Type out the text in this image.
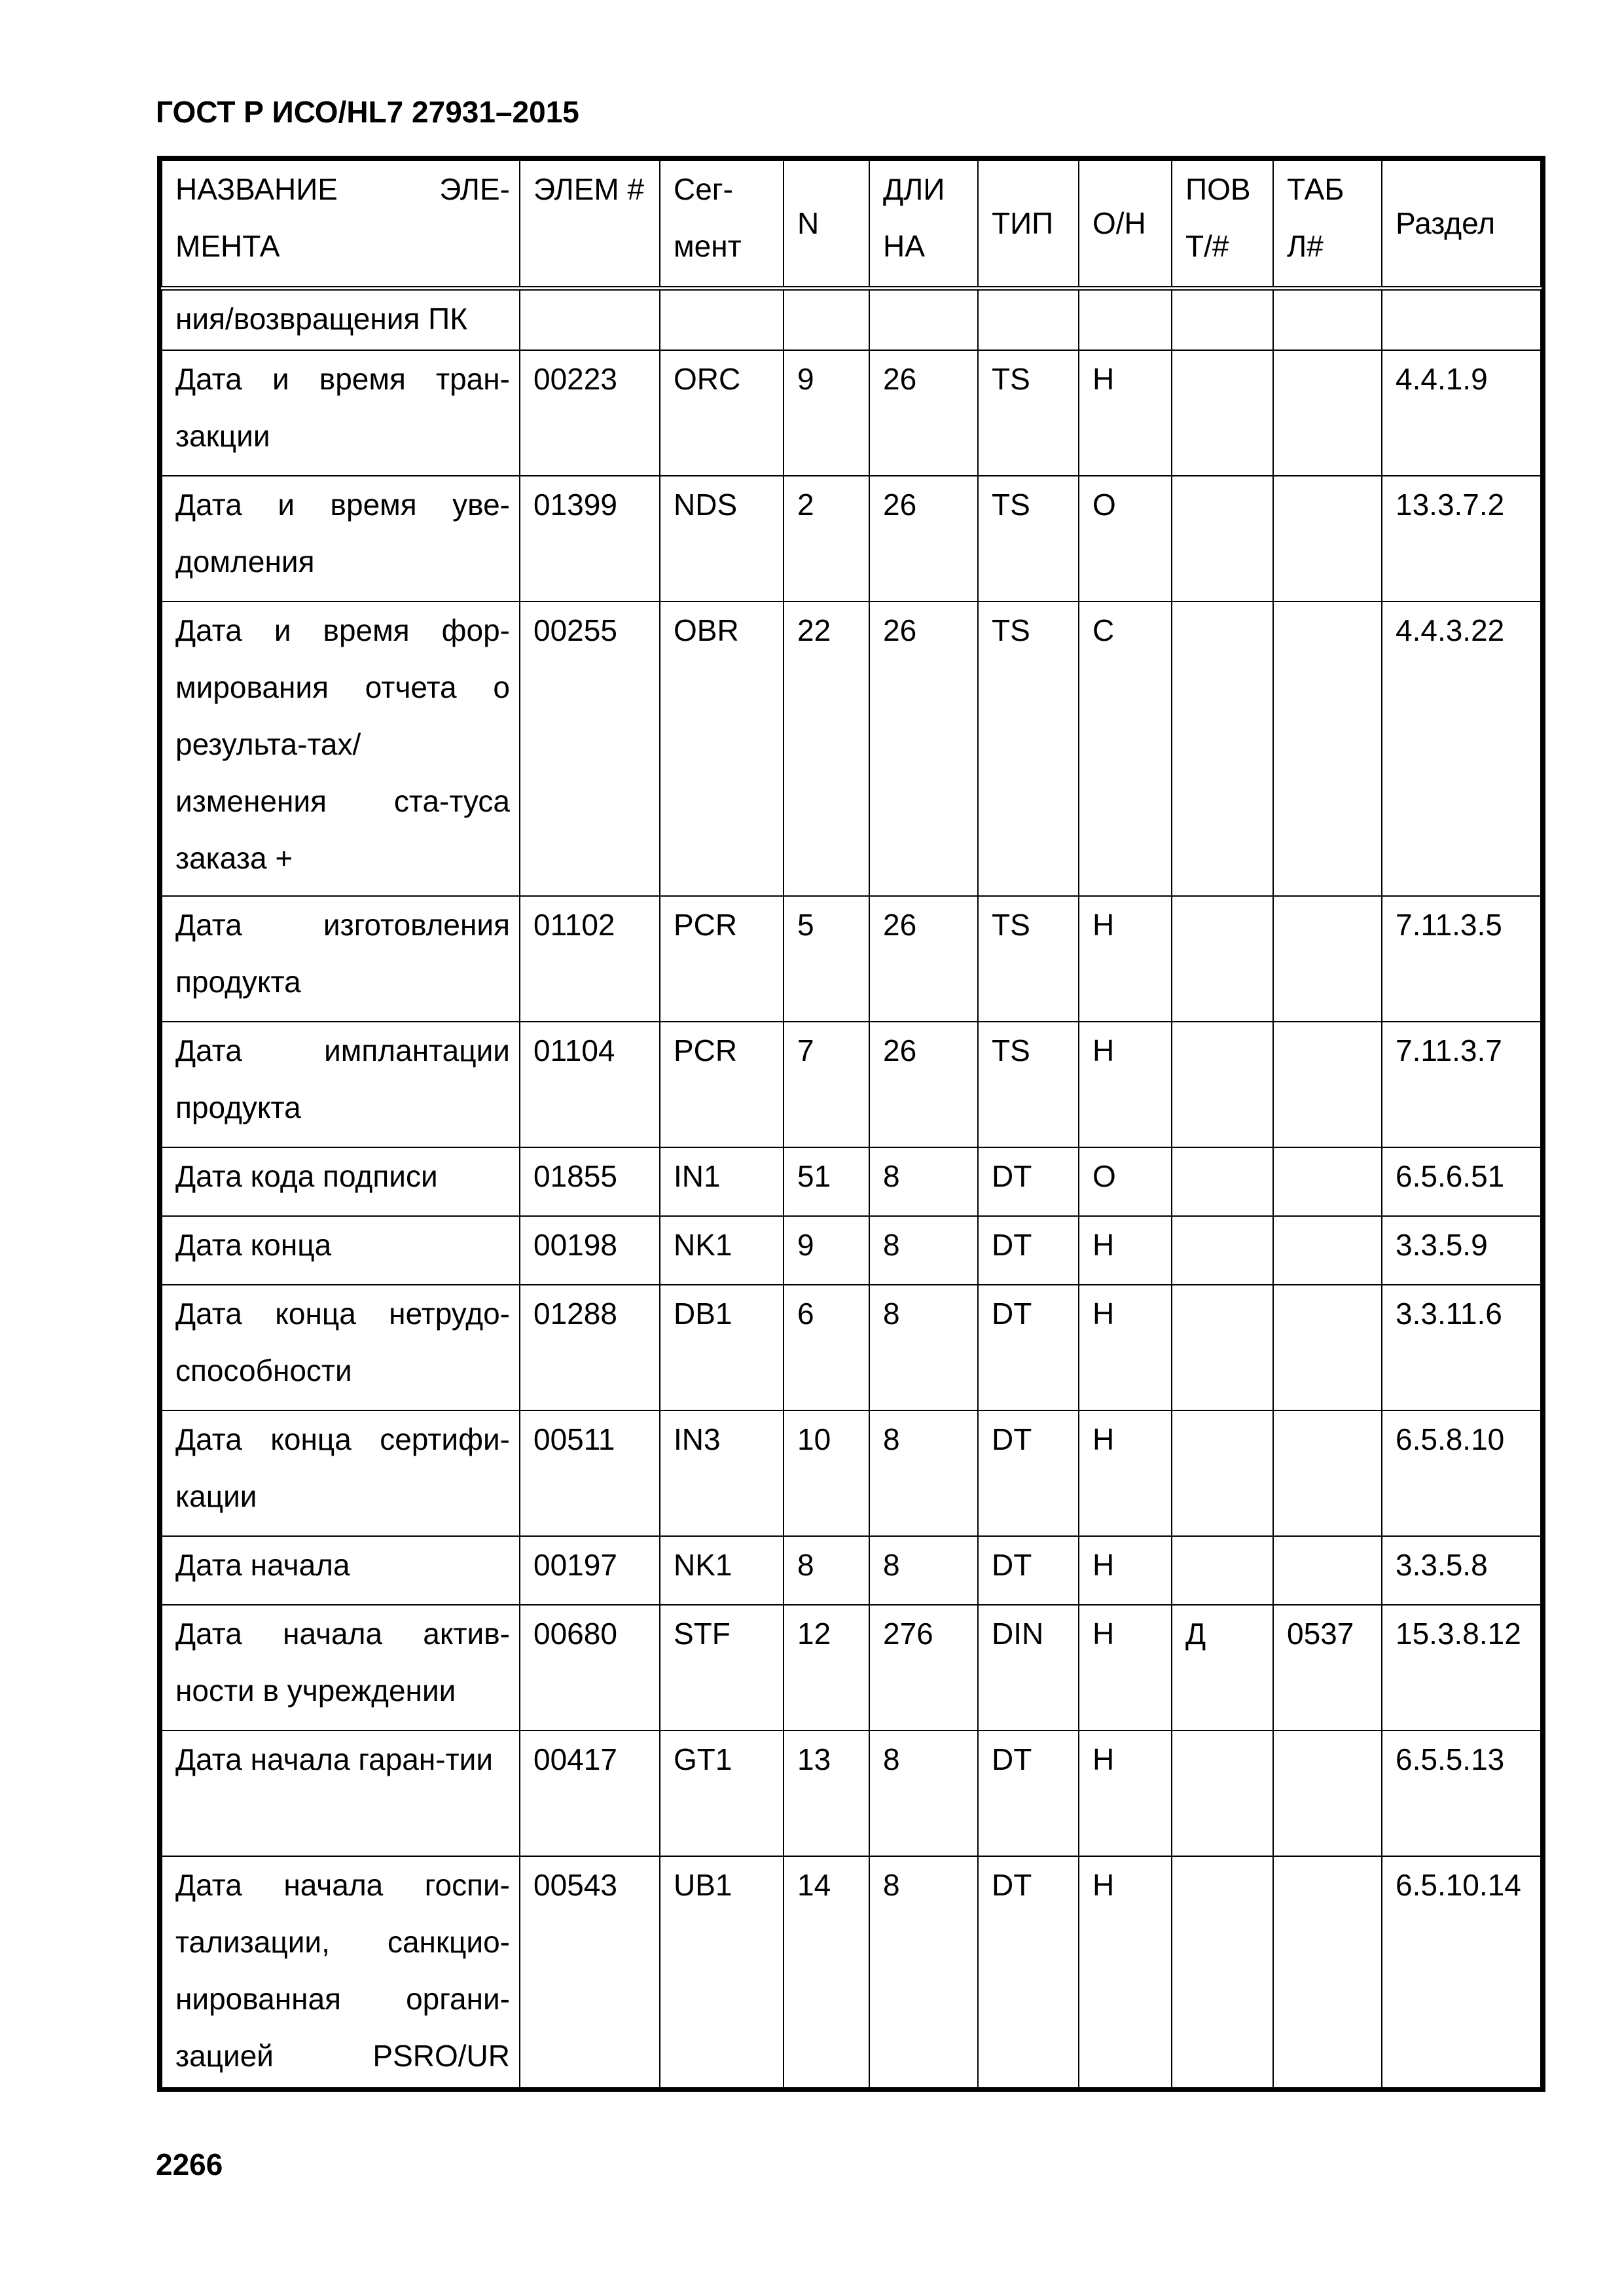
ГОСТ Р ИСО/HL7 27931–2015
НАЗВАНИЕ ЭЛЕ-МЕНТА	ЭЛЕМ #	Сег-мент	N	ДЛИ НА	ТИП	О/Н	ПОВ Т/#	ТАБ Л#	Раздел
ния/возвращения ПК									
Дата и время тран-закции	00223	ORC	9	26	TS	Н			4.4.1.9
Дата и время уве-домления	01399	NDS	2	26	TS	О			13.3.7.2
Дата и время фор-мирования отчета о результа-тах/изменения ста-туса заказа +	00255	OBR	22	26	TS	С			4.4.3.22
Дата изготовления продукта	01102	PCR	5	26	TS	Н			7.11.3.5
Дата имплантации продукта	01104	PCR	7	26	TS	Н			7.11.3.7
Дата кода подписи	01855	IN1	51	8	DT	О			6.5.6.51
Дата конца	00198	NK1	9	8	DT	Н			3.3.5.9
Дата конца нетрудо-способности	01288	DB1	6	8	DT	Н			3.3.11.6
Дата конца сертифи-кации	00511	IN3	10	8	DT	Н			6.5.8.10
Дата начала	00197	NK1	8	8	DT	Н			3.3.5.8
Дата начала актив-ности в учреждении	00680	STF	12	276	DIN	Н	Д	0537	15.3.8.12
Дата начала гаран-тии	00417	GT1	13	8	DT	Н			6.5.5.13
Дата начала госпи-тализации, санкцио-нированная органи-зацией PSRO/UR	00543	UB1	14	8	DT	Н			6.5.10.14
2266
